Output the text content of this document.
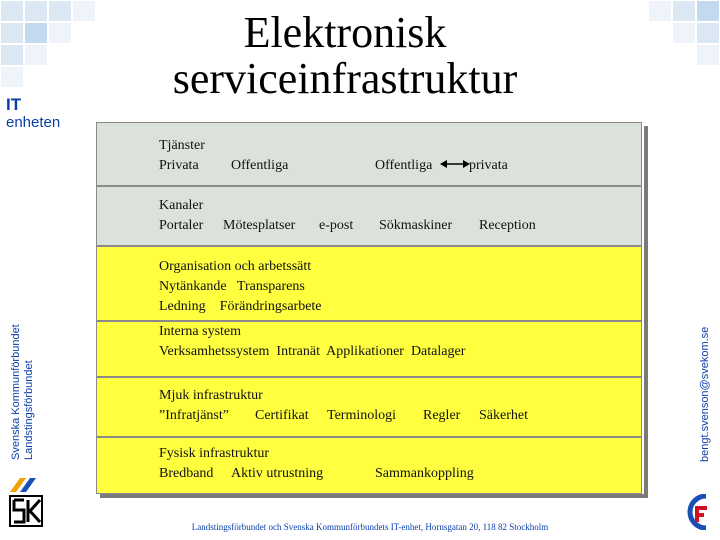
Elektronisk serviceinfrastruktur
IT
enheten
Svenska Kommunförbundet Landstingsförbundet	bengt.svenson@svekom.se
Tjänster
Privata Offentliga	Offentliga	privata
Kanaler
Portaler Mötesplatser e-post Sökmaskiner Reception
Organisation och arbetssätt
Nytänkande   Transparens
Ledning    Förändringsarbete
Interna system
Verksamhetssystem  Intranät  Applikationer  Datalager
Mjuk infrastruktur
”Infratjänst” Certifikat Terminologi Regler Säkerhet
Fysisk infrastruktur
Bredband Aktiv utrustning	Sammankoppling
Landstingsförbundet och Svenska Kommunförbundets IT-enhet, Hornsgatan 20, 118 82 Stockholm
